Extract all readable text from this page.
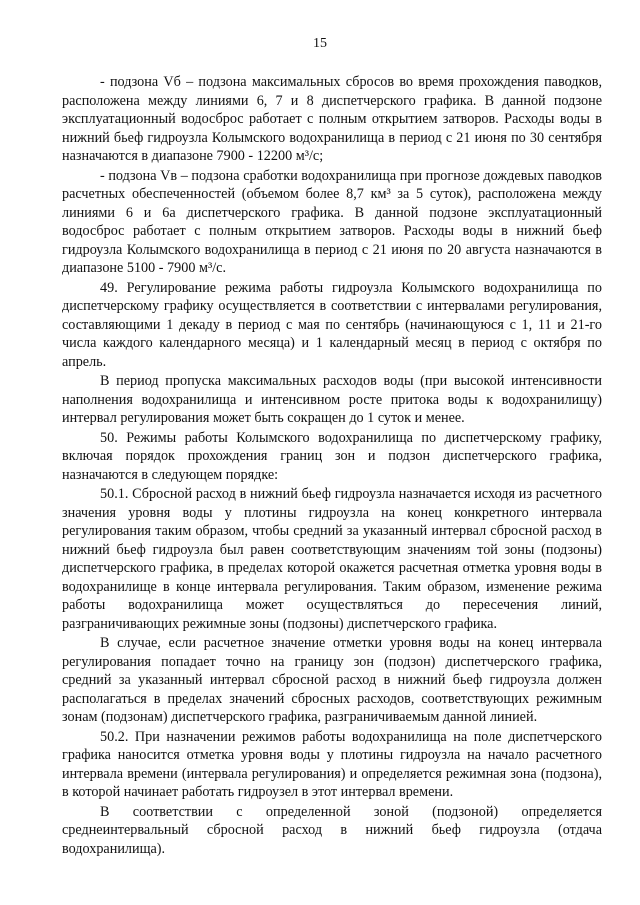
15

- подзона Vб – подзона максимальных сбросов во время прохождения паводков, расположена между линиями 6, 7 и 8 диспетчерского графика. В данной подзоне эксплуатационный водосброс работает с полным открытием затворов. Расходы воды в нижний бьеф гидроузла Колымского водохранилища в период с 21 июня по 30 сентября назначаются в диапазоне 7900 - 12200 м³/с;

- подзона Vв – подзона сработки водохранилища при прогнозе дождевых паводков расчетных обеспеченностей (объемом более 8,7 км³ за 5 суток), расположена между линиями 6 и 6а диспетчерского графика. В данной подзоне эксплуатационный водосброс работает с полным открытием затворов. Расходы воды в нижний бьеф гидроузла Колымского водохранилища в период с 21 июня по 20 августа назначаются в диапазоне 5100 - 7900 м³/с.

49. Регулирование режима работы гидроузла Колымского водохранилища по диспетчерскому графику осуществляется в соответствии с интервалами регулирования, составляющими 1 декаду в период с мая по сентябрь (начинающуюся с 1, 11 и 21-го числа каждого календарного месяца) и 1 календарный месяц в период с октября по апрель.

В период пропуска максимальных расходов воды (при высокой интенсивности наполнения водохранилища и интенсивном росте притока воды к водохранилищу) интервал регулирования может быть сокращен до 1 суток и менее.

50. Режимы работы Колымского водохранилища по диспетчерскому графику, включая порядок прохождения границ зон и подзон диспетчерского графика, назначаются в следующем порядке:

50.1. Сбросной расход в нижний бьеф гидроузла назначается исходя из расчетного значения уровня воды у плотины гидроузла на конец конкретного интервала регулирования таким образом, чтобы средний за указанный интервал сбросной расход в нижний бьеф гидроузла был равен соответствующим значениям той зоны (подзоны) диспетчерского графика, в пределах которой окажется расчетная отметка уровня воды в водохранилище в конце интервала регулирования. Таким образом, изменение режима работы водохранилища может осуществляться до пересечения линий, разграничивающих режимные зоны (подзоны) диспетчерского графика.

В случае, если расчетное значение отметки уровня воды на конец интервала регулирования попадает точно на границу зон (подзон) диспетчерского графика, средний за указанный интервал сбросной расход в нижний бьеф гидроузла должен располагаться в пределах значений сбросных расходов, соответствующих режимным зонам (подзонам) диспетчерского графика, разграничиваемым данной линией.

50.2. При назначении режимов работы водохранилища на поле диспетчерского графика наносится отметка уровня воды у плотины гидроузла на начало расчетного интервала времени (интервала регулирования) и определяется режимная зона (подзона), в которой начинает работать гидроузел в этот интервал времени.

В соответствии с определенной зоной (подзоной) определяется среднеинтервальный сбросной расход в нижний бьеф гидроузла (отдача водохранилища).
